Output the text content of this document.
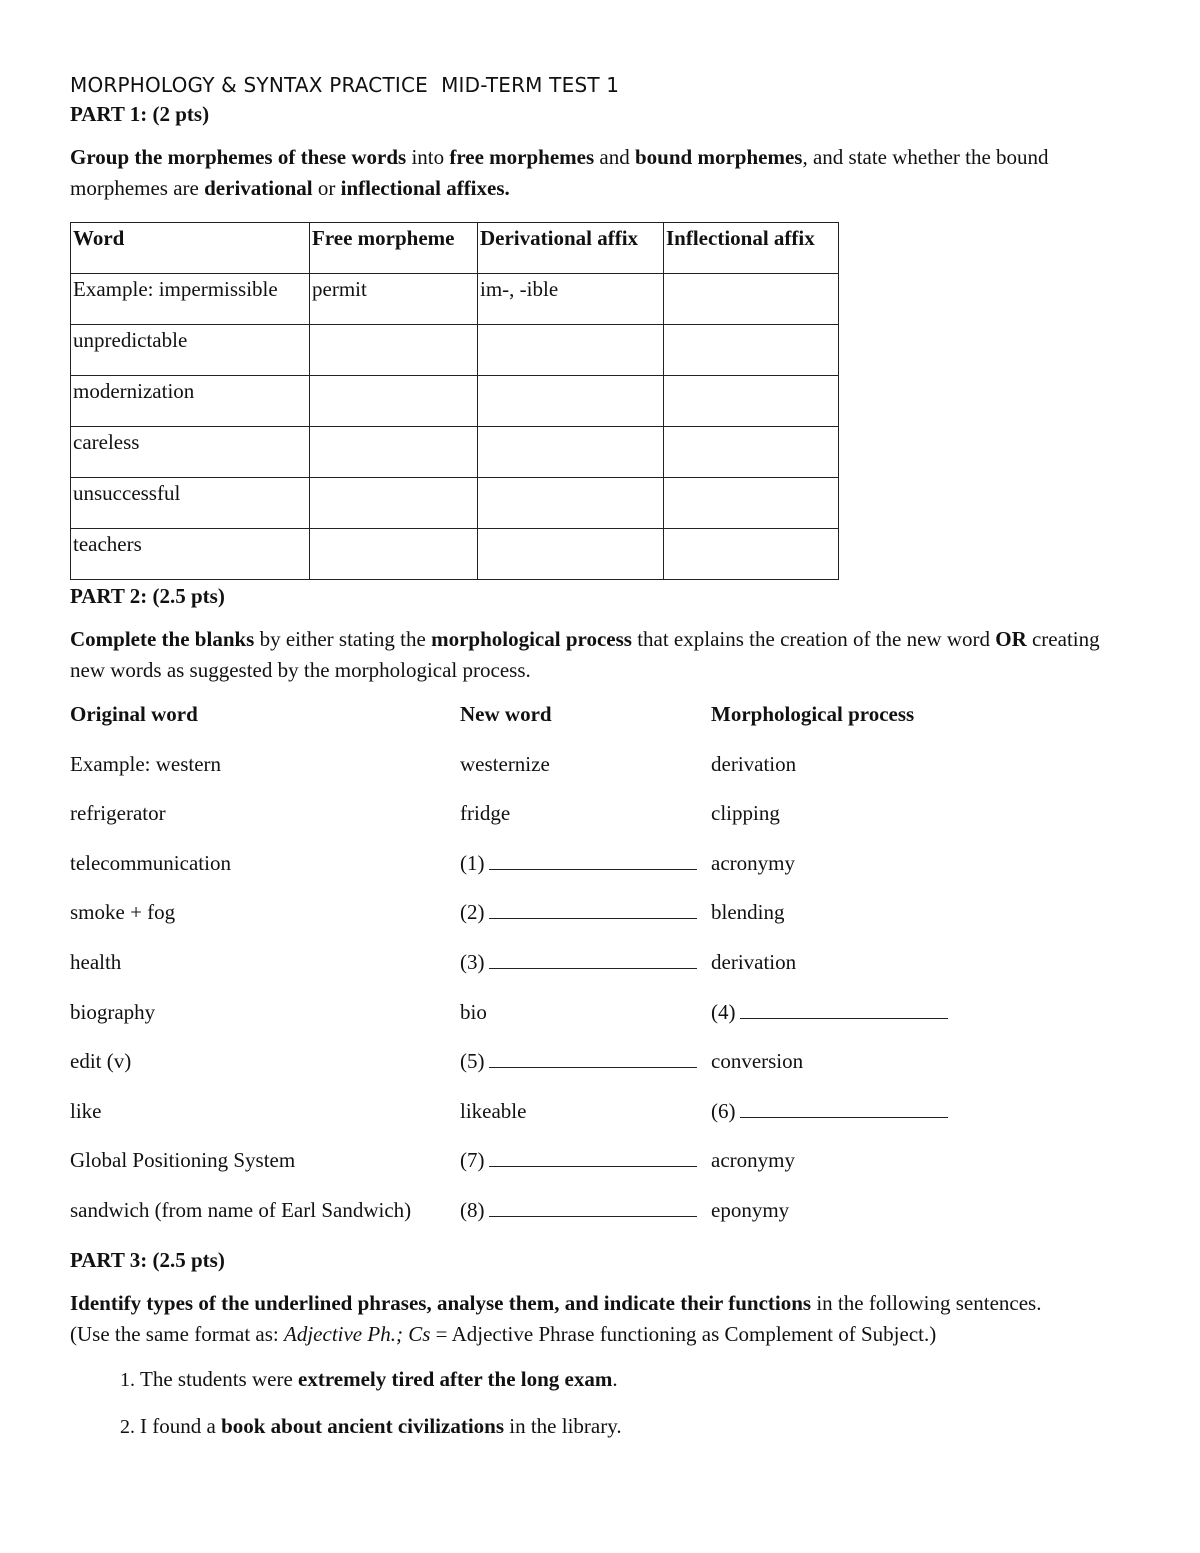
MORPHOLOGY & SYNTAX PRACTICE  MID-TERM TEST 1

PART 1: (2 pts)

Group the morphemes of these words into free morphemes and bound morphemes, and state whether the bound morphemes are derivational or inflectional affixes.

Word	Free morpheme	Derivational affix	Inflectional affix
Example: impermissible	permit	im-, -ible	
unpredictable			
modernization			
careless			
unsuccessful			
teachers			

PART 2: (2.5 pts)

Complete the blanks by either stating the morphological process that explains the creation of the new word OR creating new words as suggested by the morphological process.

Original word	New word	Morphological process
Example: western	westernize	derivation
refrigerator	fridge	clipping
telecommunication	(1)	acronymy
smoke + fog	(2)	blending
health	(3)	derivation
biography	bio	(4)
edit (v)	(5)	conversion
like	likeable	(6)
Global Positioning System	(7)	acronymy
sandwich (from name of Earl Sandwich)	(8)	eponymy

PART 3: (2.5 pts)

Identify types of the underlined phrases, analyse them, and indicate their functions in the following sentences.

(Use the same format as: Adjective Ph.; Cs = Adjective Phrase functioning as Complement of Subject.)

1. The students were extremely tired after the long exam.
2. I found a book about ancient civilizations in the library.
